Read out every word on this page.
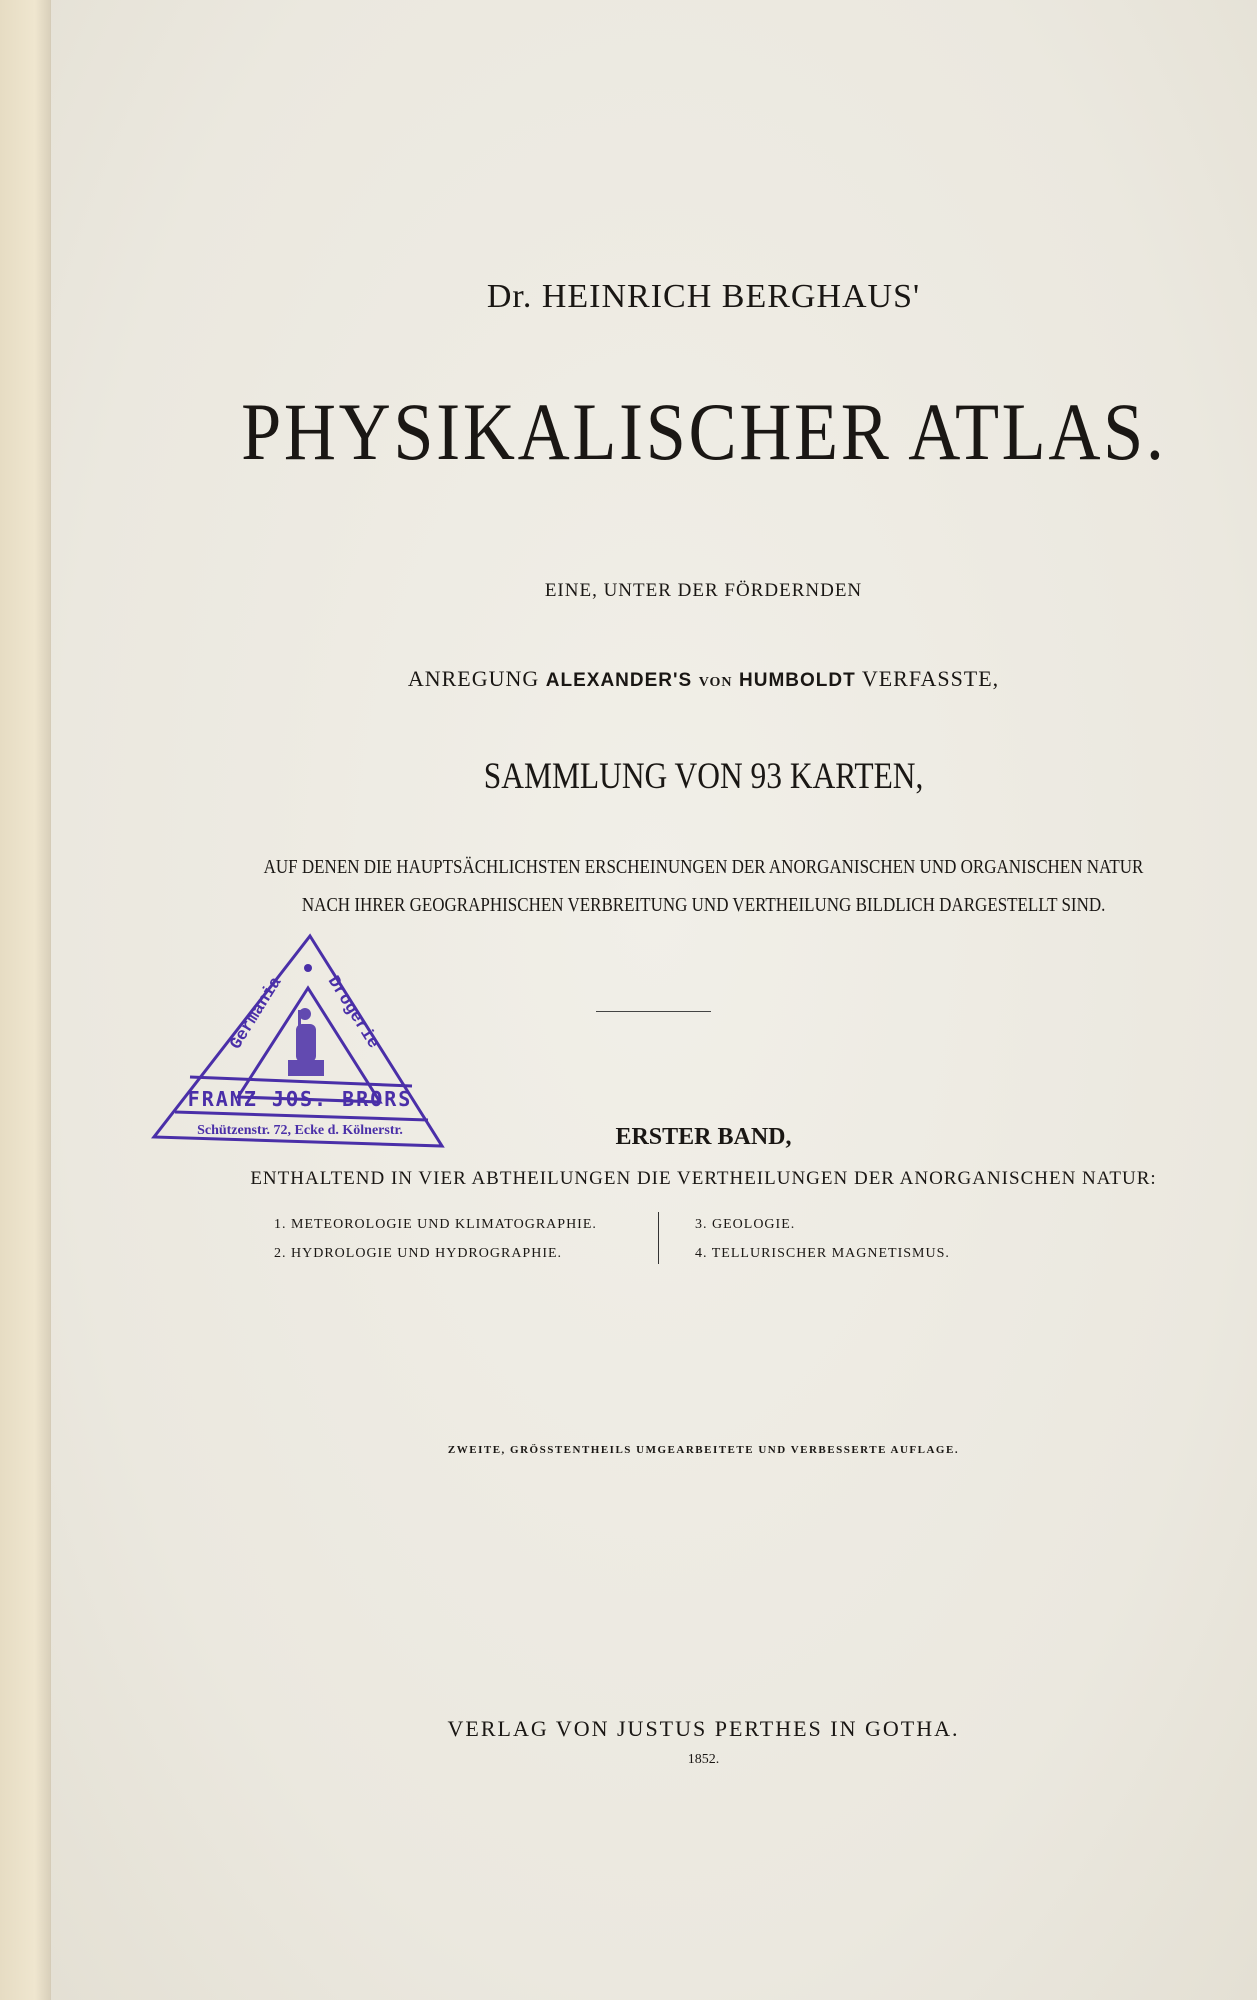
Dr. HEINRICH BERGHAUS'
PHYSIKALISCHER ATLAS.
EINE, UNTER DER FÖRDERNDEN
ANREGUNG ALEXANDER'S VON HUMBOLDT VERFASSTE,
SAMMLUNG VON 93 KARTEN,
AUF DENEN DIE HAUPTSÄCHLICHSTEN ERSCHEINUNGEN DER ANORGANISCHEN UND ORGANISCHEN NATUR
NACH IHRER GEOGRAPHISCHEN VERBREITUNG UND VERTHEILUNG BILDLICH DARGESTELLT SIND.
ERSTER BAND,
ENTHALTEND IN VIER ABTHEILUNGEN DIE VERTHEILUNGEN DER ANORGANISCHEN NATUR:
ZWEITE, GRÖSSTENTHEILS UMGEARBEITETE UND VERBESSERTE AUFLAGE.
VERLAG VON JUSTUS PERTHES IN GOTHA.
1852.
1. METEOROLOGIE UND KLIMATOGRAPHIE.
2. HYDROLOGIE UND HYDROGRAPHIE.
3. GEOLOGIE.
4. TELLURISCHER MAGNETISMUS.
Germania Drogerie
FRANZ JOS. BRORS
Schützenstr. 72, Ecke d. Kölnerstr.
